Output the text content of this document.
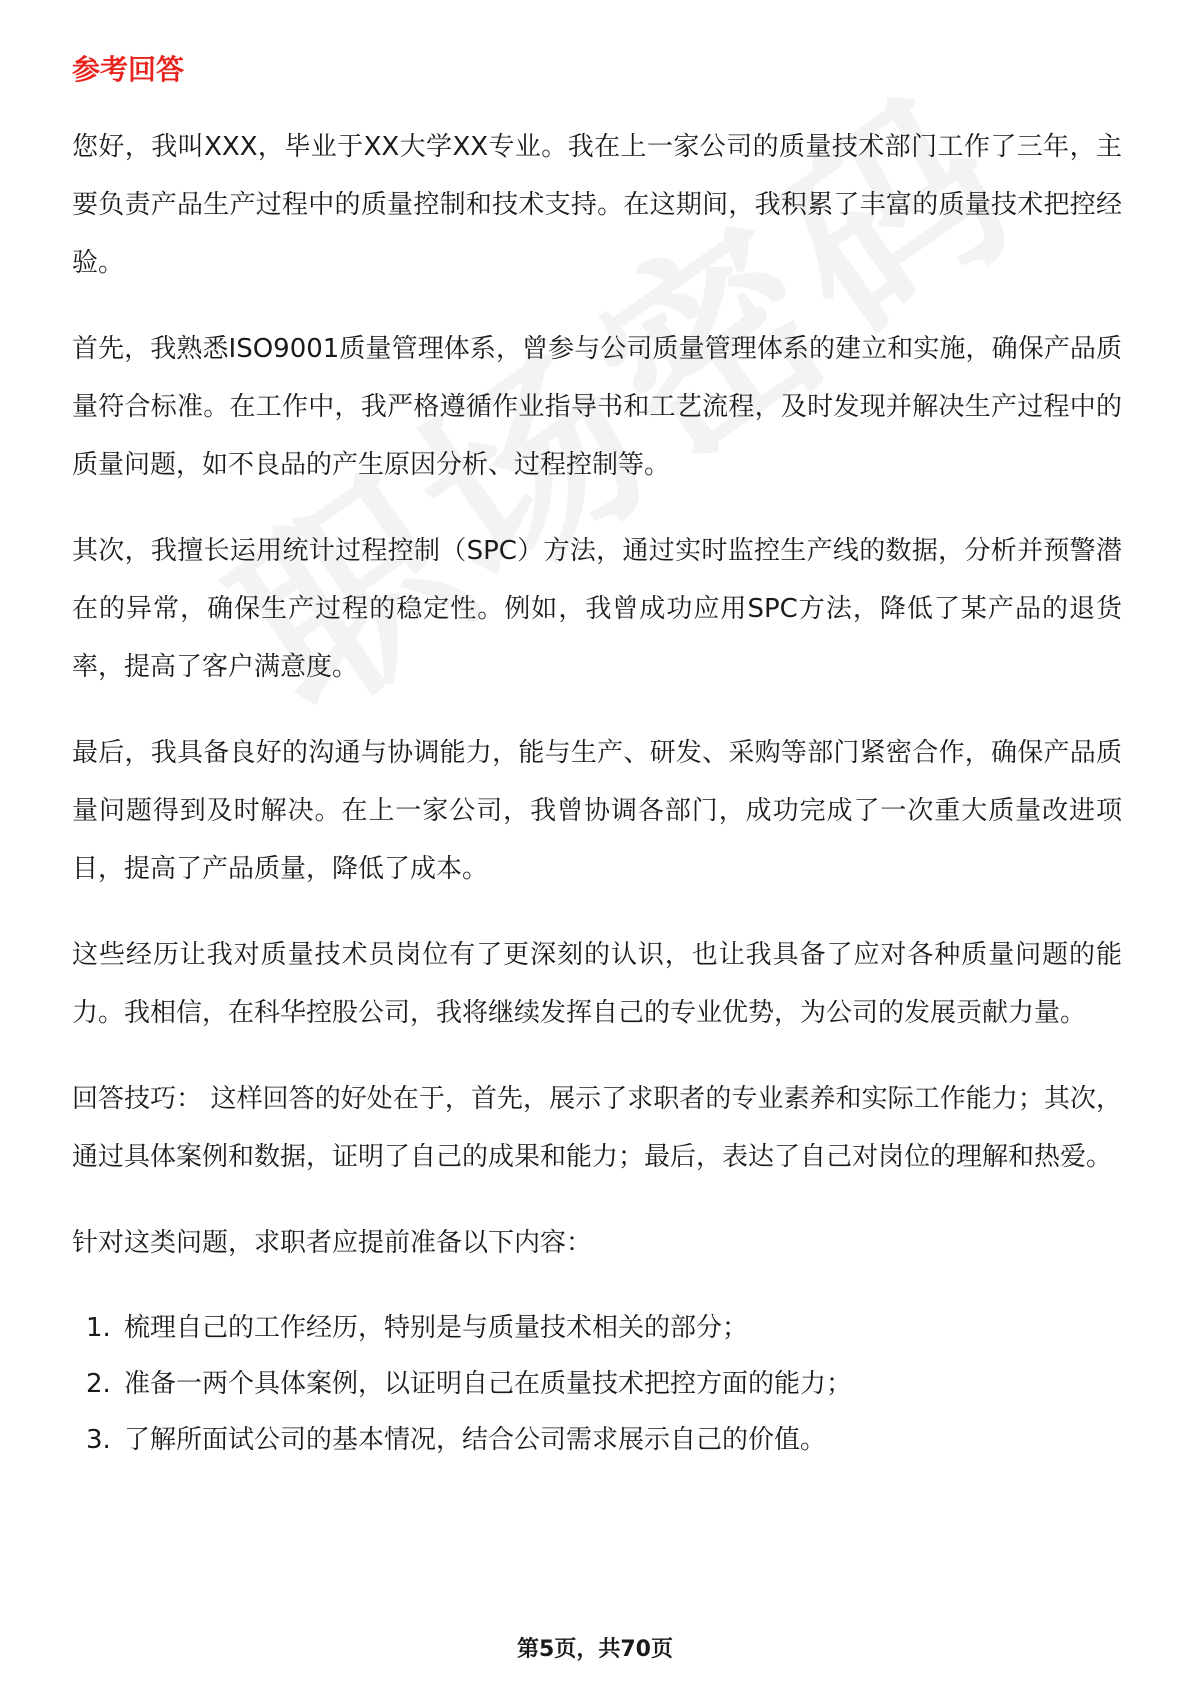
参考回答

您好，我叫XXX，毕业于XX大学XX专业。我在上一家公司的质量技术部门工作了三年，主要负责产品生产过程中的质量控制和技术支持。在这期间，我积累了丰富的质量技术把控经验。

首先，我熟悉ISO9001质量管理体系，曾参与公司质量管理体系的建立和实施，确保产品质量符合标准。在工作中，我严格遵循作业指导书和工艺流程，及时发现并解决生产过程中的质量问题，如不良品的产生原因分析、过程控制等。

其次，我擅长运用统计过程控制（SPC）方法，通过实时监控生产线的数据，分析并预警潜在的异常，确保生产过程的稳定性。例如，我曾成功应用SPC方法，降低了某产品的退货率，提高了客户满意度。

最后，我具备良好的沟通与协调能力，能与生产、研发、采购等部门紧密合作，确保产品质量问题得到及时解决。在上一家公司，我曾协调各部门，成功完成了一次重大质量改进项目，提高了产品质量，降低了成本。

这些经历让我对质量技术员岗位有了更深刻的认识，也让我具备了应对各种质量问题的能力。我相信，在科华控股公司，我将继续发挥自己的专业优势，为公司的发展贡献力量。

回答技巧： 这样回答的好处在于，首先，展示了求职者的专业素养和实际工作能力；其次，通过具体案例和数据，证明了自己的成果和能力；最后，表达了自己对岗位的理解和热爱。

针对这类问题，求职者应提前准备以下内容：

1. 梳理自己的工作经历，特别是与质量技术相关的部分；
2. 准备一两个具体案例，以证明自己在质量技术把控方面的能力；
3. 了解所面试公司的基本情况，结合公司需求展示自己的价值。
第5页，共70页
